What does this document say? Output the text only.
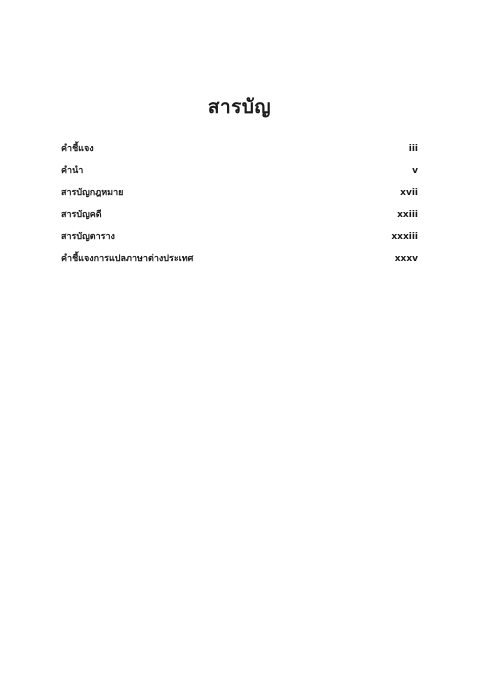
สารบัญ
คำชี้แจง	iii
คำนำ	v
สารบัญกฎหมาย	xvii
สารบัญคดี	xxiii
สารบัญตาราง	xxxiii
คำชี้แจงการแปลภาษาต่างประเทศ	xxxv
